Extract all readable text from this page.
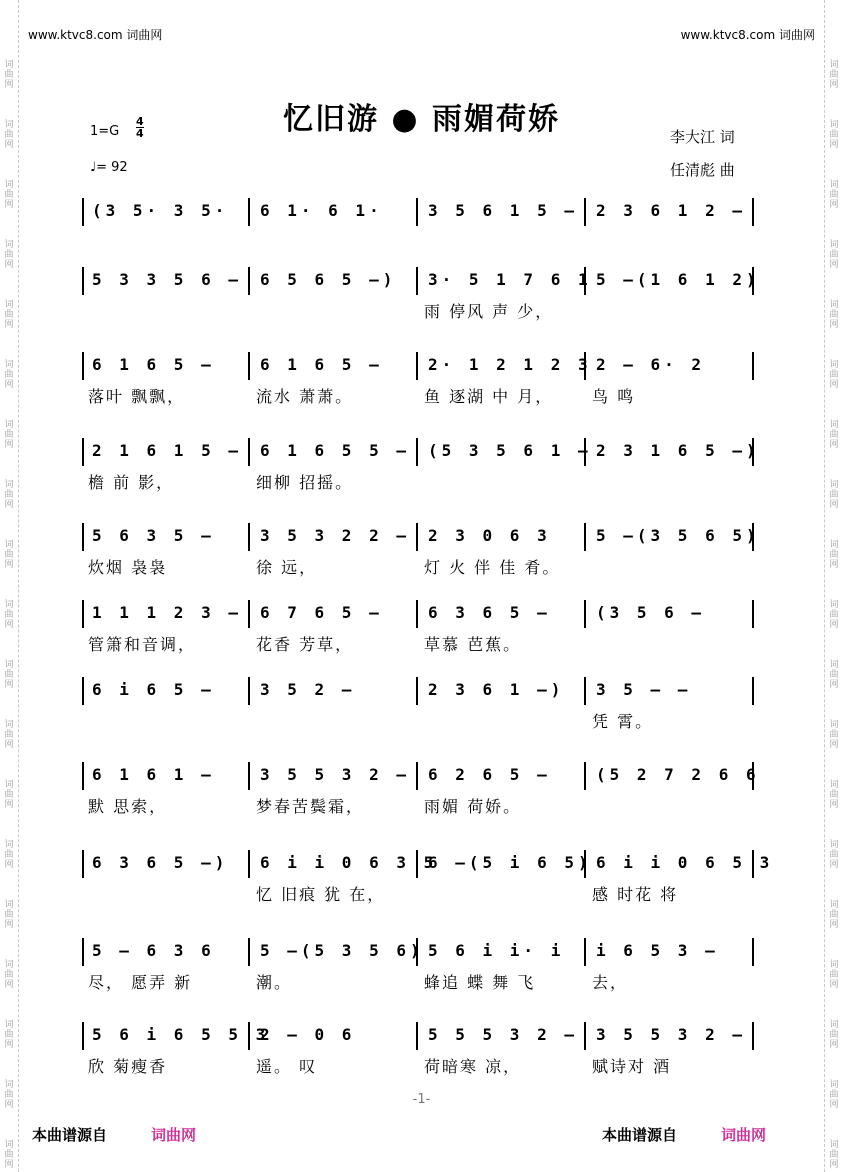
词曲网
词曲网
词曲网
词曲网
词曲网
词曲网
词曲网
词曲网
词曲网
词曲网
词曲网
词曲网
词曲网
词曲网
词曲网
词曲网
词曲网
词曲网
词曲网
词曲网
词曲网
词曲网
词曲网
词曲网
词曲网
词曲网
词曲网
词曲网
词曲网
词曲网
词曲网
词曲网
词曲网
词曲网
词曲网
词曲网
词曲网
词曲网
www.ktvc8.com 词曲网	www.ktvc8.com 词曲网
忆旧游 ● 雨媚荷娇
1=G
4
4
♩= 92
李大江 词
任清彪 曲
(3 5· 3 5· 6 1· 6 1·	3 5 6 1 5 – 2 3 6 1 2 –
5 3 3 5 6 – 6 5 6 5 –) 3· 5 1 7 6 1
雨 停风 声 少，
5 –(1 6 1 2)
6 1 6 5 –
落叶 飘飘，
6 1 6 5 –
流水 萧萧。
2· 1 2 1 2 3
鱼 逐湖 中 月，
2 – 6· 2
鸟 鸣
2 1 6 1 5 –
檐 前 影，
6 1 6 5 5 –
细柳 招摇。
(5 3 5 6 1 – 2 3 1 6 5 –)
5 6 3 5 –
炊烟 袅袅
3 5 3 2 2 –
徐 远，
2 3 0 6 3
灯 火 伴 佳 肴。
5 –(3 5 6 5)
1 1 1 2 3 –
管箫和音调，
6 7 6 5 –
花香 芳草，
6 3 6 5 –
草慕 芭蕉。
(3 5 6 –
6 i 6 5 –	3 5 2 –	2 3 6 1 –) 3 5 – –
凭 霄。
6 1 6 1 –
默 思索，
3 5 5 3 2 –
梦春苦鬓霜，
6 2 6 5 –
雨媚 荷娇。
(5 2 7 2 6 6
6 3 6 5 –) 6 i i 0 6 3 5
忆 旧痕 犹 在，
6 –(5 i 6 5) 6 i i 0 6 5 3
感 时花 将
5 – 6 3 6
尽， 愿弄 新
5 –(5 3 5 6)
潮。
5 6 i i· i
蜂追 蝶 舞 飞
i 6 5 3 –
去，
5 6 i 6 5 5 3
欣 菊瘦香
2 – 0 6
遥。 叹
5 5 5 3 2 –
荷暗寒 凉，
3 5 5 3 2 –
赋诗对 酒
-1-
本曲谱源自	词曲网	本曲谱源自	词曲网
